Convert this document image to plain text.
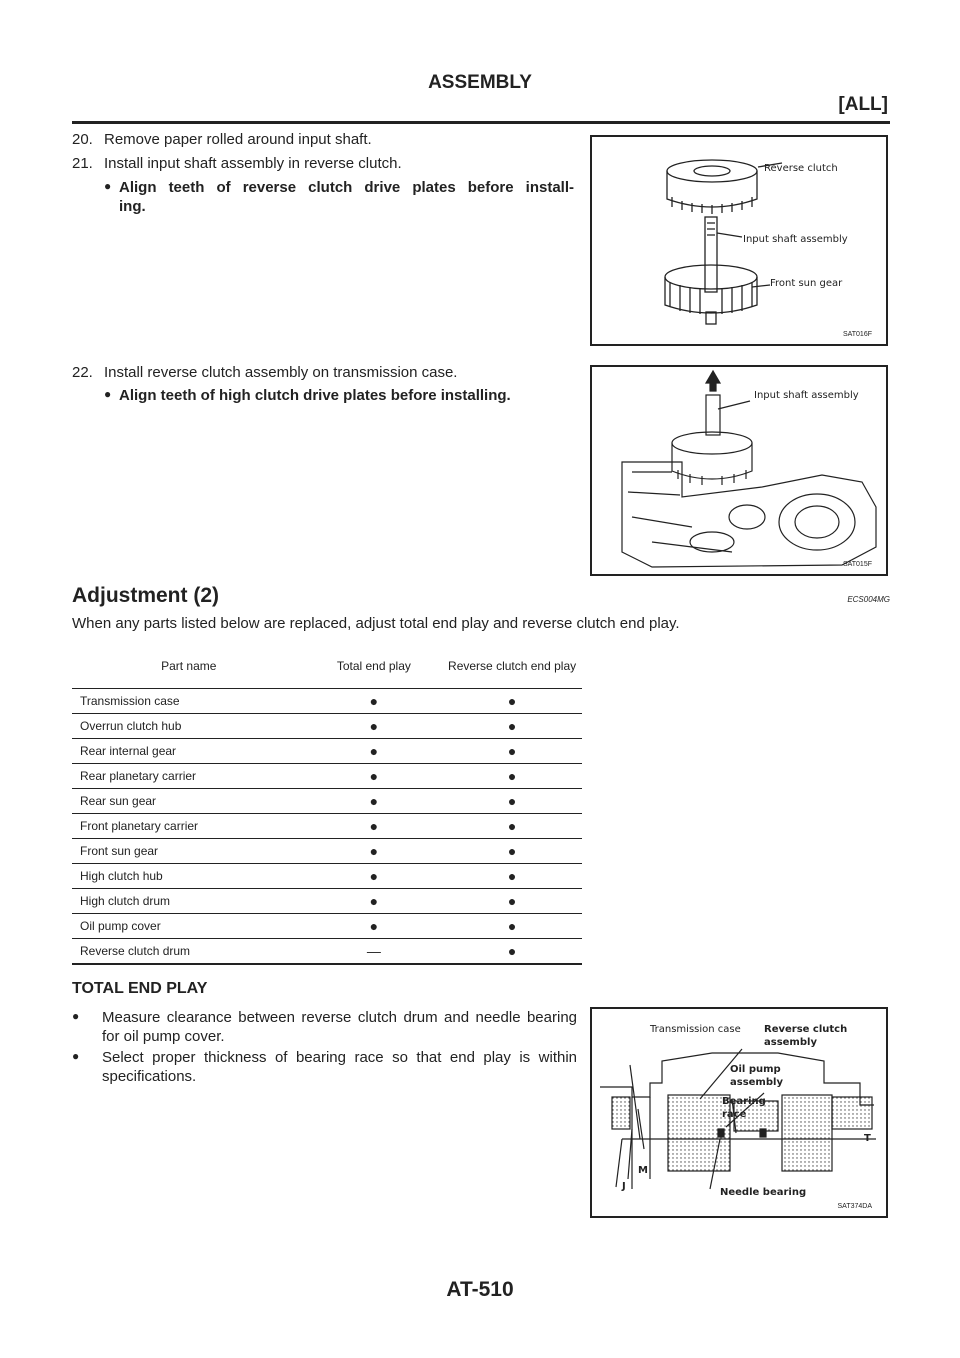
ASSEMBLY
[ALL]
20. Remove paper rolled around input shaft.
21. Install input shaft assembly in reverse clutch.
● Align teeth of reverse clutch drive plates before install-
ing.
Reverse clutch
Input shaft assembly
Front sun gear
SAT016F
22. Install reverse clutch assembly on transmission case.
● Align teeth of high clutch drive plates before installing.	Input shaft assembly
SAT015F
Adjustment (2)	ECS004MG
When any parts listed below are replaced, adjust total end play and reverse clutch end play.
Part name	Total end play	Reverse clutch end play
Transmission case	●	●
Overrun clutch hub	●	●
Rear internal gear	●	●
Rear planetary carrier	●	●
Rear sun gear	●	●
Front planetary carrier	●	●
Front sun gear	●	●
High clutch hub	●	●
High clutch drum	●	●
Oil pump cover	●	●
Reverse clutch drum	—	●
TOTAL END PLAY
●	Measure clearance between reverse clutch drum and needle bearing for oil pump cover.
●	Select proper thickness of bearing race so that end play is within specifications.
Transmission case Reverse clutch assembly
Oil pump assembly
Bearing race
Needle bearing
T
M
J
SAT374DA
AT-510
